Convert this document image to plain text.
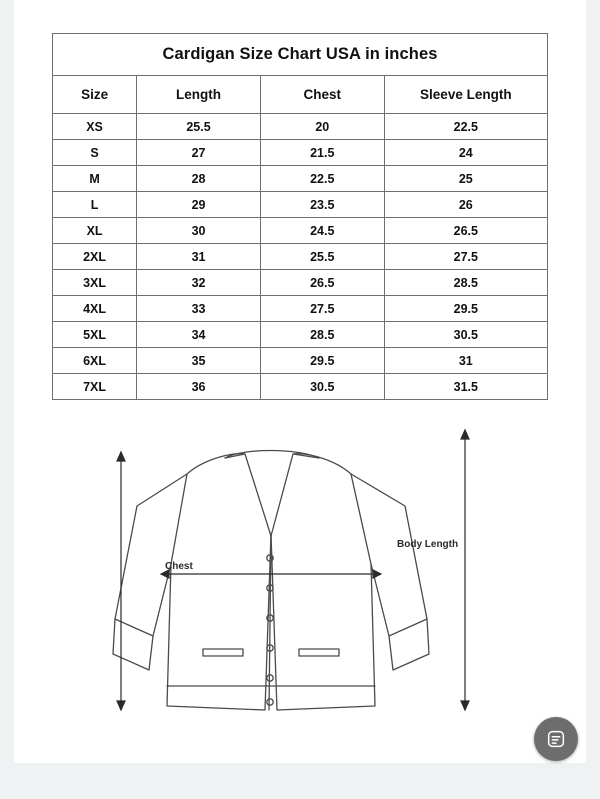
Cardigan Size Chart USA in inches			
Size	Length	Chest	Sleeve Length
XS	25.5	20	22.5
S	27	21.5	24
M	28	22.5	25
L	29	23.5	26
XL	30	24.5	26.5
2XL	31	25.5	27.5
3XL	32	26.5	28.5
4XL	33	27.5	29.5
5XL	34	28.5	30.5
6XL	35	29.5	31
7XL	36	30.5	31.5
Chest
Body Length
